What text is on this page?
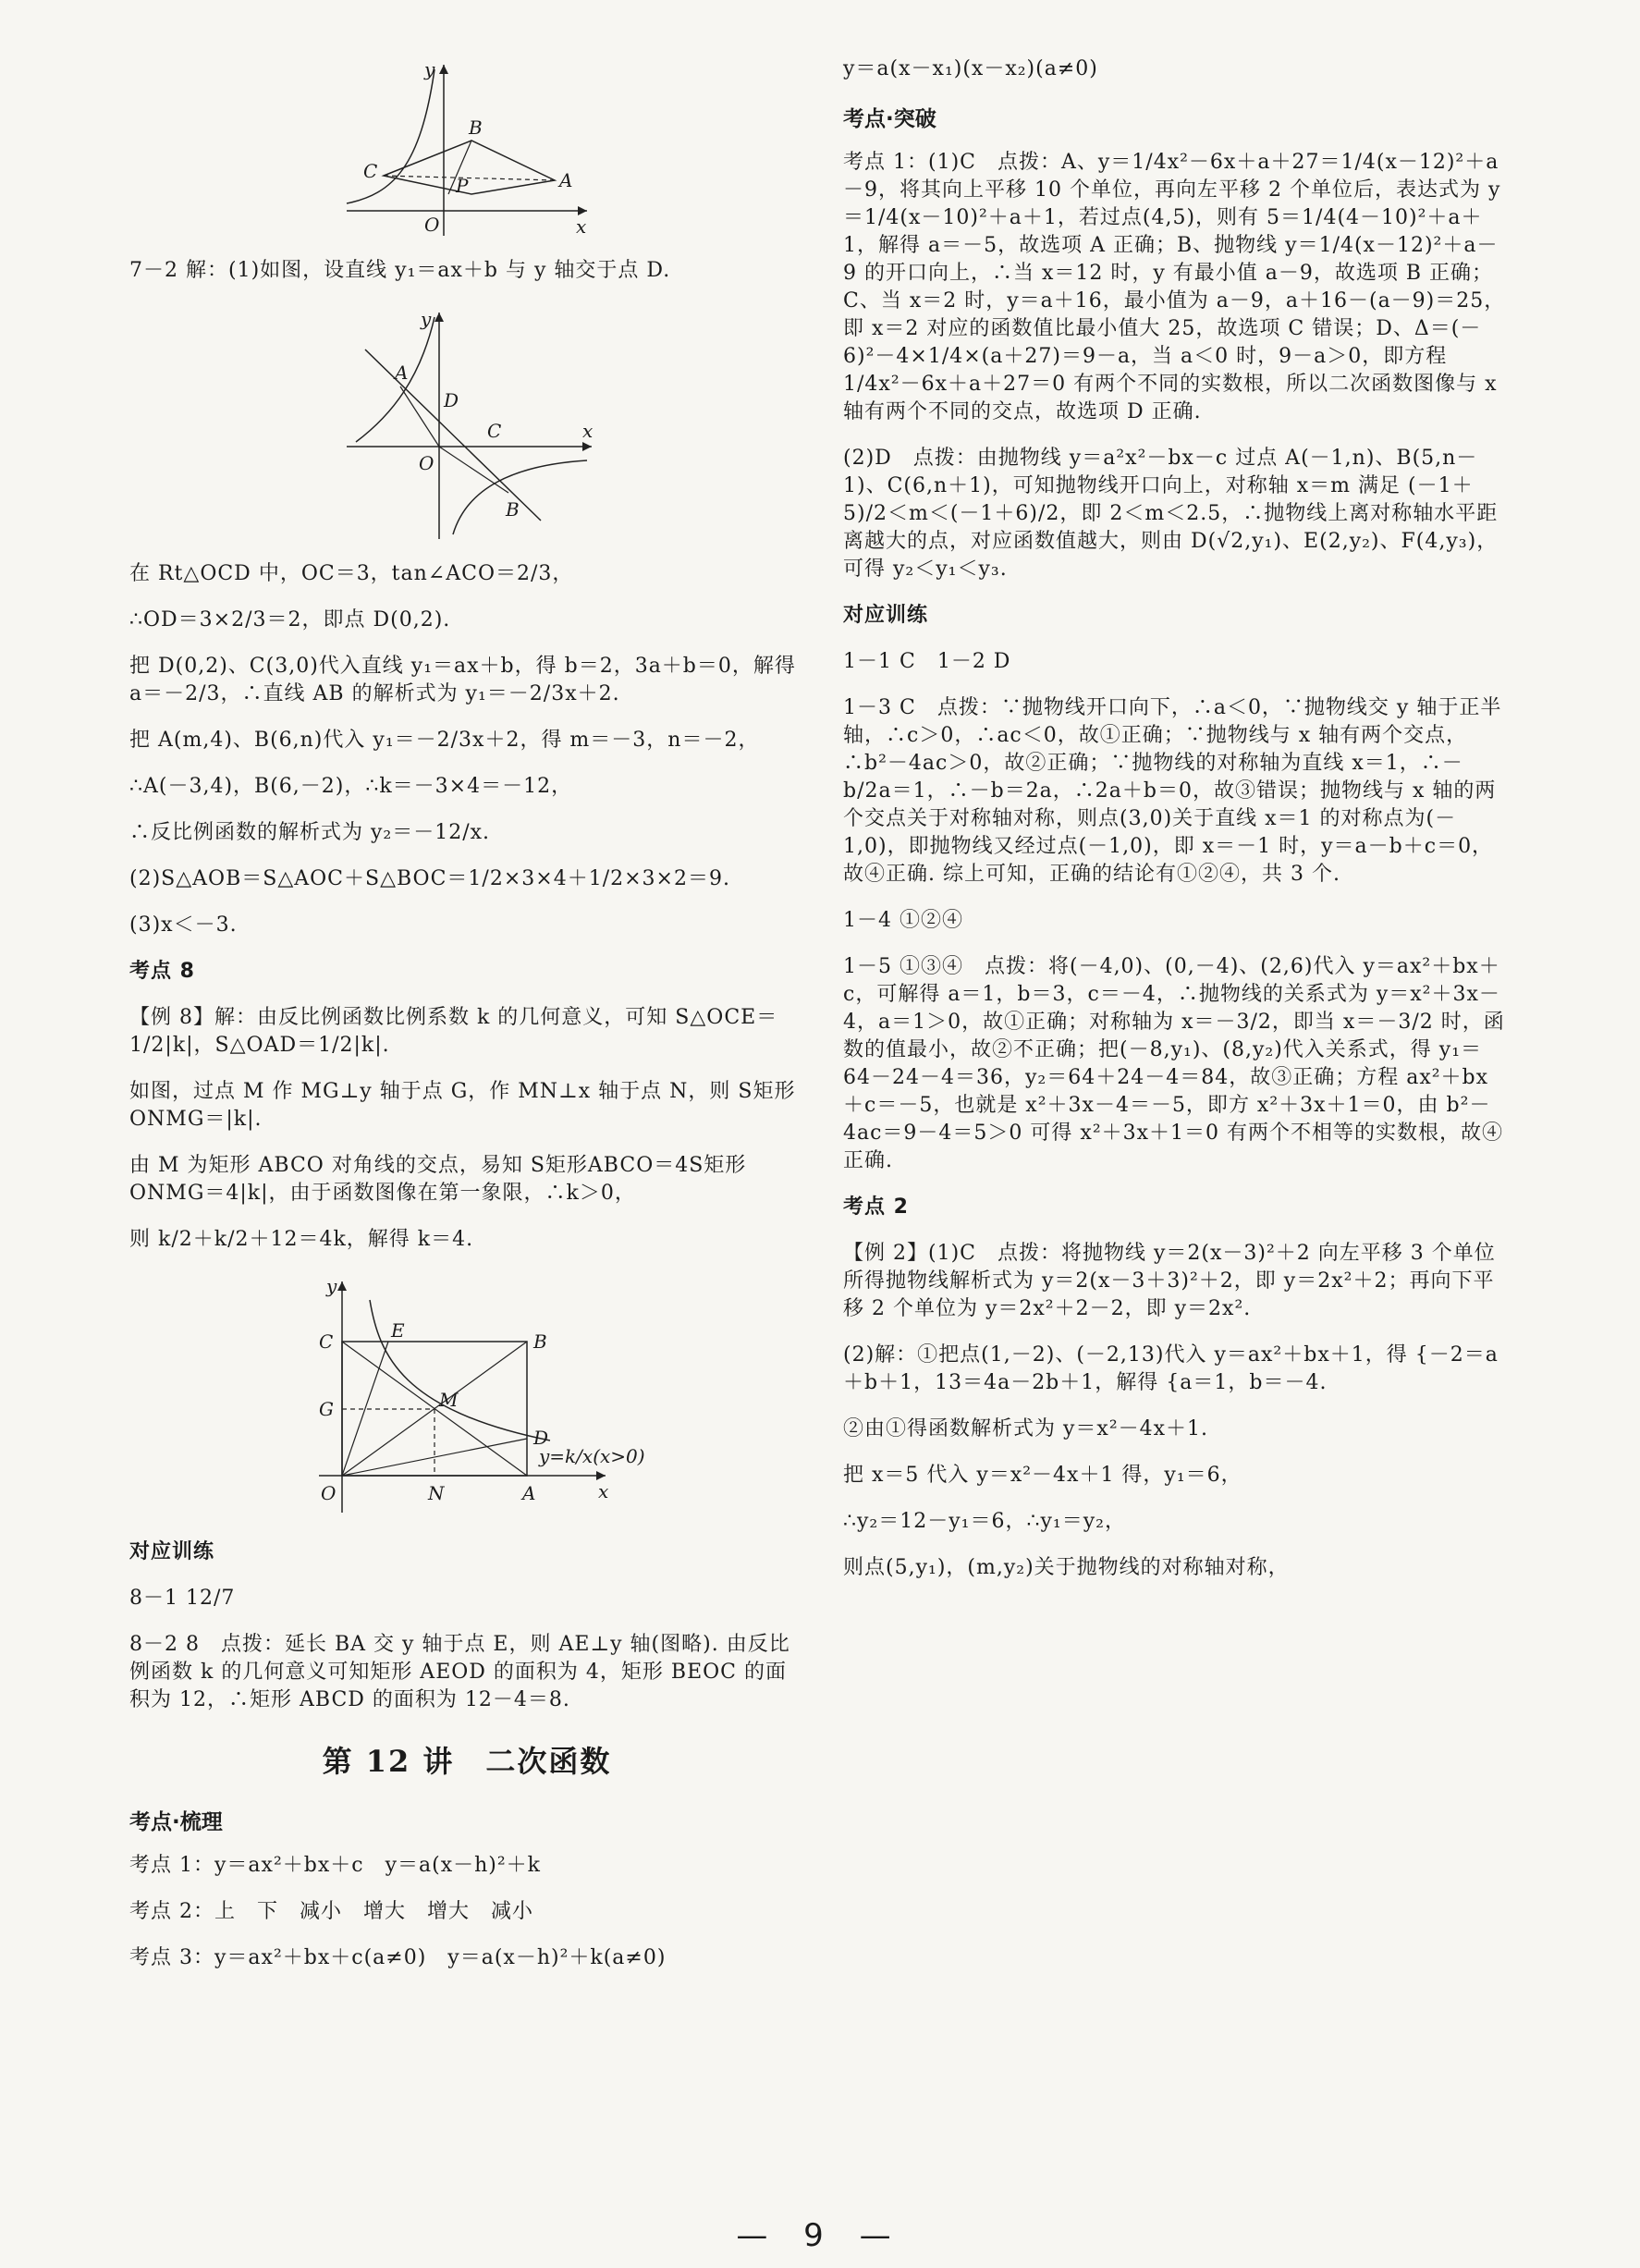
y
x
O
A
B
C
P

7－2 解：(1)如图，设直线 y₁＝ax＋b 与 y 轴交于点 D.

y
x
O
A
B
C
D

在 Rt△OCD 中，OC＝3，tan∠ACO＝2/3，

∴OD＝3×2/3＝2，即点 D(0,2).

把 D(0,2)、C(3,0)代入直线 y₁＝ax＋b，得 b＝2，3a＋b＝0，解得 a＝－2/3，∴直线 AB 的解析式为 y₁＝－2/3x＋2.

把 A(m,4)、B(6,n)代入 y₁＝－2/3x＋2，得 m＝－3，n＝－2，

∴A(－3,4)，B(6,－2)，∴k＝－3×4＝－12，

∴反比例函数的解析式为 y₂＝－12/x.

(2)S△AOB＝S△AOC＋S△BOC＝1/2×3×4＋1/2×3×2＝9.

(3)x＜－3.

考点 8

【例 8】解：由反比例函数比例系数 k 的几何意义，可知 S△OCE＝1/2|k|，S△OAD＝1/2|k|.

如图，过点 M 作 MG⊥y 轴于点 G，作 MN⊥x 轴于点 N，则 S矩形ONMG＝|k|.

由 M 为矩形 ABCO 对角线的交点，易知 S矩形ABCO＝4S矩形ONMG＝4|k|，由于函数图像在第一象限，∴k＞0，

则 k/2＋k/2＋12＝4k，解得 k＝4.

y
x
O	A
B
C
D
E
G	M
N
y=k/x(x>0)

对应训练

8－1 12/7

8－2 8　点拨：延长 BA 交 y 轴于点 E，则 AE⊥y 轴(图略). 由反比例函数 k 的几何意义可知矩形 AEOD 的面积为 4，矩形 BEOC 的面积为 12，∴矩形 ABCD 的面积为 12－4＝8.

第 12 讲　二次函数

考点·梳理

考点 1：y＝ax²＋bx＋c　y＝a(x－h)²＋k

考点 2：上　下　减小　增大　增大　减小

考点 3：y＝ax²＋bx＋c(a≠0)　y＝a(x－h)²＋k(a≠0)

y＝a(x－x₁)(x－x₂)(a≠0)

考点·突破

考点 1：(1)C　点拨：A、y＝1/4x²－6x＋a＋27＝1/4(x－12)²＋a－9，将其向上平移 10 个单位，再向左平移 2 个单位后，表达式为 y＝1/4(x－10)²＋a＋1，若过点(4,5)，则有 5＝1/4(4－10)²＋a＋1，解得 a＝－5，故选项 A 正确；B、抛物线 y＝1/4(x－12)²＋a－9 的开口向上，∴当 x＝12 时，y 有最小值 a－9，故选项 B 正确；C、当 x＝2 时，y＝a＋16，最小值为 a－9，a＋16－(a－9)＝25，即 x＝2 对应的函数值比最小值大 25，故选项 C 错误；D、Δ＝(－6)²－4×1/4×(a＋27)＝9－a，当 a＜0 时，9－a＞0，即方程 1/4x²－6x＋a＋27＝0 有两个不同的实数根，所以二次函数图像与 x 轴有两个不同的交点，故选项 D 正确.

(2)D　点拨：由抛物线 y＝a²x²－bx－c 过点 A(－1,n)、B(5,n－1)、C(6,n＋1)，可知抛物线开口向上，对称轴 x＝m 满足 (－1＋5)/2＜m＜(－1＋6)/2，即 2＜m＜2.5，∴抛物线上离对称轴水平距离越大的点，对应函数值越大，则由 D(√2,y₁)、E(2,y₂)、F(4,y₃)，可得 y₂＜y₁＜y₃.

对应训练

1－1 C　1－2 D

1－3 C　点拨：∵抛物线开口向下，∴a＜0，∵抛物线交 y 轴于正半轴，∴c＞0，∴ac＜0，故①正确；∵抛物线与 x 轴有两个交点，∴b²－4ac＞0，故②正确；∵抛物线的对称轴为直线 x＝1，∴－b/2a＝1，∴－b＝2a，∴2a＋b＝0，故③错误；抛物线与 x 轴的两个交点关于对称轴对称，则点(3,0)关于直线 x＝1 的对称点为(－1,0)，即抛物线又经过点(－1,0)，即 x＝－1 时，y＝a－b＋c＝0，故④正确. 综上可知，正确的结论有①②④，共 3 个.

1－4 ①②④

1－5 ①③④　点拨：将(－4,0)、(0,－4)、(2,6)代入 y＝ax²＋bx＋c，可解得 a＝1，b＝3，c＝－4，∴抛物线的关系式为 y＝x²＋3x－4，a＝1＞0，故①正确；对称轴为 x＝－3/2，即当 x＝－3/2 时，函数的值最小，故②不正确；把(－8,y₁)、(8,y₂)代入关系式，得 y₁＝64－24－4＝36，y₂＝64＋24－4＝84，故③正确；方程 ax²＋bx＋c＝－5，也就是 x²＋3x－4＝－5，即方 x²＋3x＋1＝0，由 b²－4ac＝9－4＝5＞0 可得 x²＋3x＋1＝0 有两个不相等的实数根，故④正确.

考点 2

【例 2】(1)C　点拨：将抛物线 y＝2(x－3)²＋2 向左平移 3 个单位所得抛物线解析式为 y＝2(x－3＋3)²＋2，即 y＝2x²＋2；再向下平移 2 个单位为 y＝2x²＋2－2，即 y＝2x².

(2)解：①把点(1,－2)、(－2,13)代入 y＝ax²＋bx＋1，得 {－2＝a＋b＋1，13＝4a－2b＋1，解得 {a＝1，b＝－4.

②由①得函数解析式为 y＝x²－4x＋1.

把 x＝5 代入 y＝x²－4x＋1 得，y₁＝6，

∴y₂＝12－y₁＝6，∴y₁＝y₂，

则点(5,y₁)，(m,y₂)关于抛物线的对称轴对称，

— 9 —
